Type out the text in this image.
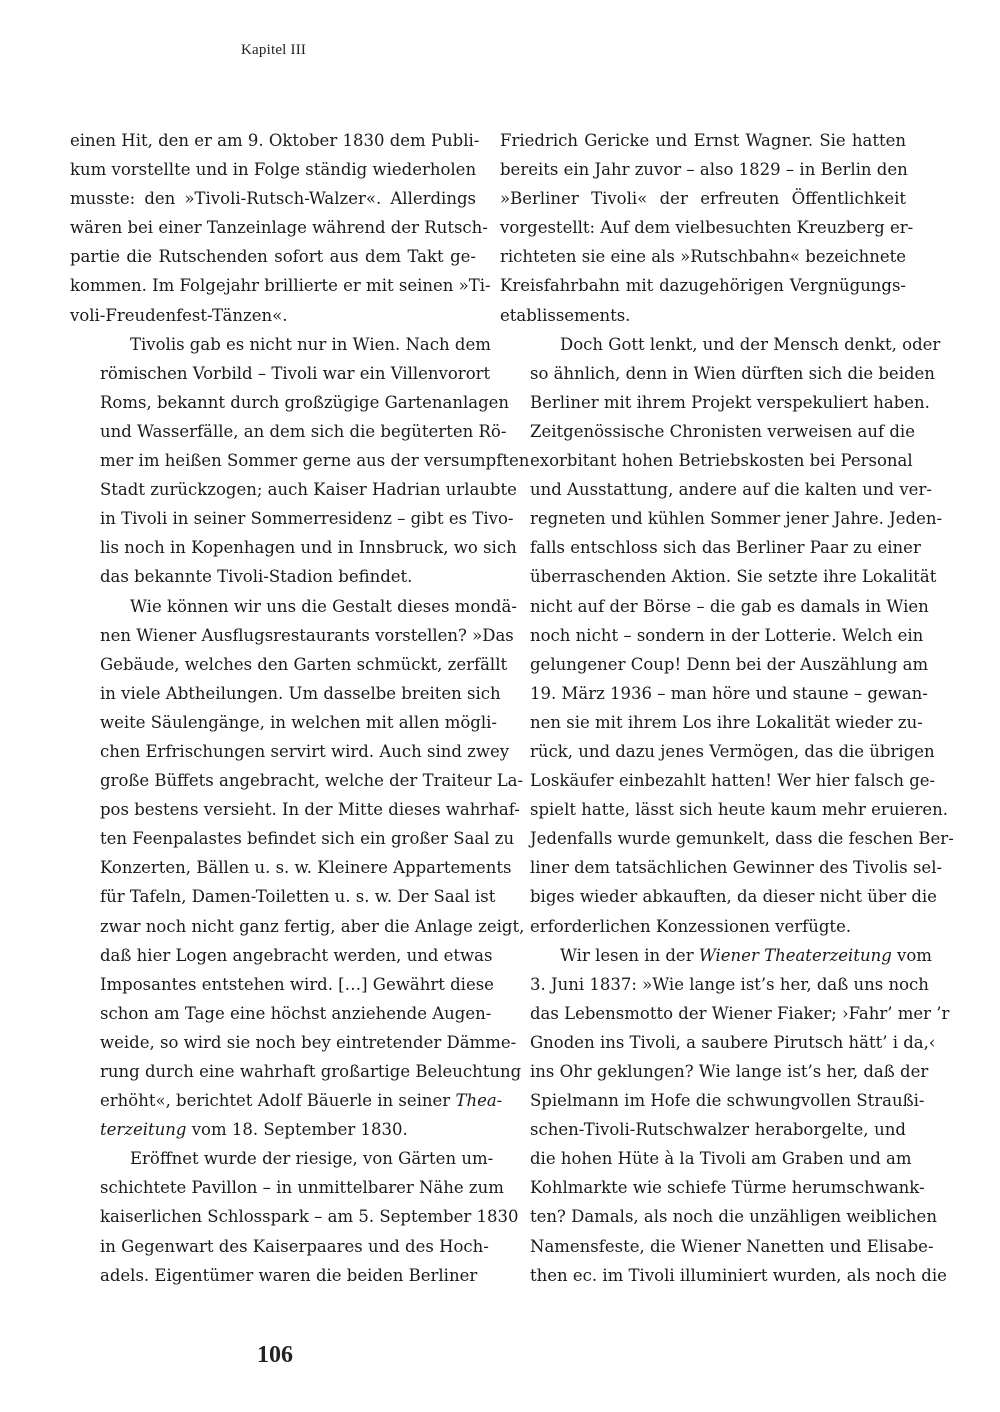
Kapitel III

einen Hit, den er am 9. Oktober 1830 dem Publi-
kum vorstellte und in Folge ständig wiederholen
musste: den »Tivoli-Rutsch-Walzer«. Allerdings
wären bei einer Tanzeinlage während der Rutsch-
partie die Rutschenden sofort aus dem Takt ge-
kommen. Im Folgejahr brillierte er mit seinen »Ti-
voli-Freudenfest-Tänzen«.

Tivolis gab es nicht nur in Wien. Nach dem
römischen Vorbild – Tivoli war ein Villenvorort
Roms, bekannt durch großzügige Gartenanlagen
und Wasserfälle, an dem sich die begüterten Rö-
mer im heißen Sommer gerne aus der versumpften
Stadt zurückzogen; auch Kaiser Hadrian urlaubte
in Tivoli in seiner Sommerresidenz – gibt es Tivo-
lis noch in Kopenhagen und in Innsbruck, wo sich
das bekannte Tivoli-Stadion befindet.

Wie können wir uns die Gestalt dieses mondä-
nen Wiener Ausflugsrestaurants vorstellen? »Das
Gebäude, welches den Garten schmückt, zerfällt
in viele Abtheilungen. Um dasselbe breiten sich
weite Säulengänge, in welchen mit allen mögli-
chen Erfrischungen servirt wird. Auch sind zwey
große Büffets angebracht, welche der Traiteur La-
pos bestens versieht. In der Mitte dieses wahrhaf-
ten Feenpalastes befindet sich ein großer Saal zu
Konzerten, Bällen u. s. w. Kleinere Appartements
für Tafeln, Damen-Toiletten u. s. w. Der Saal ist
zwar noch nicht ganz fertig, aber die Anlage zeigt,
daß hier Logen angebracht werden, und etwas
Imposantes entstehen wird. […] Gewährt diese
schon am Tage eine höchst anziehende Augen-
weide, so wird sie noch bey eintretender Dämme-
rung durch eine wahrhaft großartige Beleuchtung
erhöht«, berichtet Adolf Bäuerle in seiner Thea-
terzeitung vom 18. September 1830.

Eröffnet wurde der riesige, von Gärten um-
schichtete Pavillon – in unmittelbarer Nähe zum
kaiserlichen Schlosspark – am 5. September 1830
in Gegenwart des Kaiserpaares und des Hoch-
adels. Eigentümer waren die beiden Berliner

Friedrich Gericke und Ernst Wagner. Sie hatten
bereits ein Jahr zuvor – also 1829 – in Berlin den
»Berliner Tivoli« der erfreuten Öffentlichkeit
vorgestellt: Auf dem vielbesuchten Kreuzberg er-
richteten sie eine als »Rutschbahn« bezeichnete
Kreisfahrbahn mit dazugehörigen Vergnügungs-
etablissements.

Doch Gott lenkt, und der Mensch denkt, oder
so ähnlich, denn in Wien dürften sich die beiden
Berliner mit ihrem Projekt verspekuliert haben.
Zeitgenössische Chronisten verweisen auf die
exorbitant hohen Betriebskosten bei Personal
und Ausstattung, andere auf die kalten und ver-
regneten und kühlen Sommer jener Jahre. Jeden-
falls entschloss sich das Berliner Paar zu einer
überraschenden Aktion. Sie setzte ihre Lokalität
nicht auf der Börse – die gab es damals in Wien
noch nicht – sondern in der Lotterie. Welch ein
gelungener Coup! Denn bei der Auszählung am
19. März 1936 – man höre und staune – gewan-
nen sie mit ihrem Los ihre Lokalität wieder zu-
rück, und dazu jenes Vermögen, das die übrigen
Loskäufer einbezahlt hatten! Wer hier falsch ge-
spielt hatte, lässt sich heute kaum mehr eruieren.
Jedenfalls wurde gemunkelt, dass die feschen Ber-
liner dem tatsächlichen Gewinner des Tivolis sel-
biges wieder abkauften, da dieser nicht über die
erforderlichen Konzessionen verfügte.

Wir lesen in der Wiener Theaterzeitung vom
3. Juni 1837: »Wie lange ist’s her, daß uns noch
das Lebensmotto der Wiener Fiaker; ›Fahr’ mer ’r
Gnoden ins Tivoli, a saubere Pirutsch hätt’ i da,‹
ins Ohr geklungen? Wie lange ist’s her, daß der
Spielmann im Hofe die schwungvollen Straußi-
schen-Tivoli-Rutschwalzer heraborgelte, und
die hohen Hüte à la Tivoli am Graben und am
Kohlmarkte wie schiefe Türme herumschwank-
ten? Damals, als noch die unzähligen weiblichen
Namensfeste, die Wiener Nanetten und Elisabe-
then ec. im Tivoli illuminiert wurden, als noch die

106
